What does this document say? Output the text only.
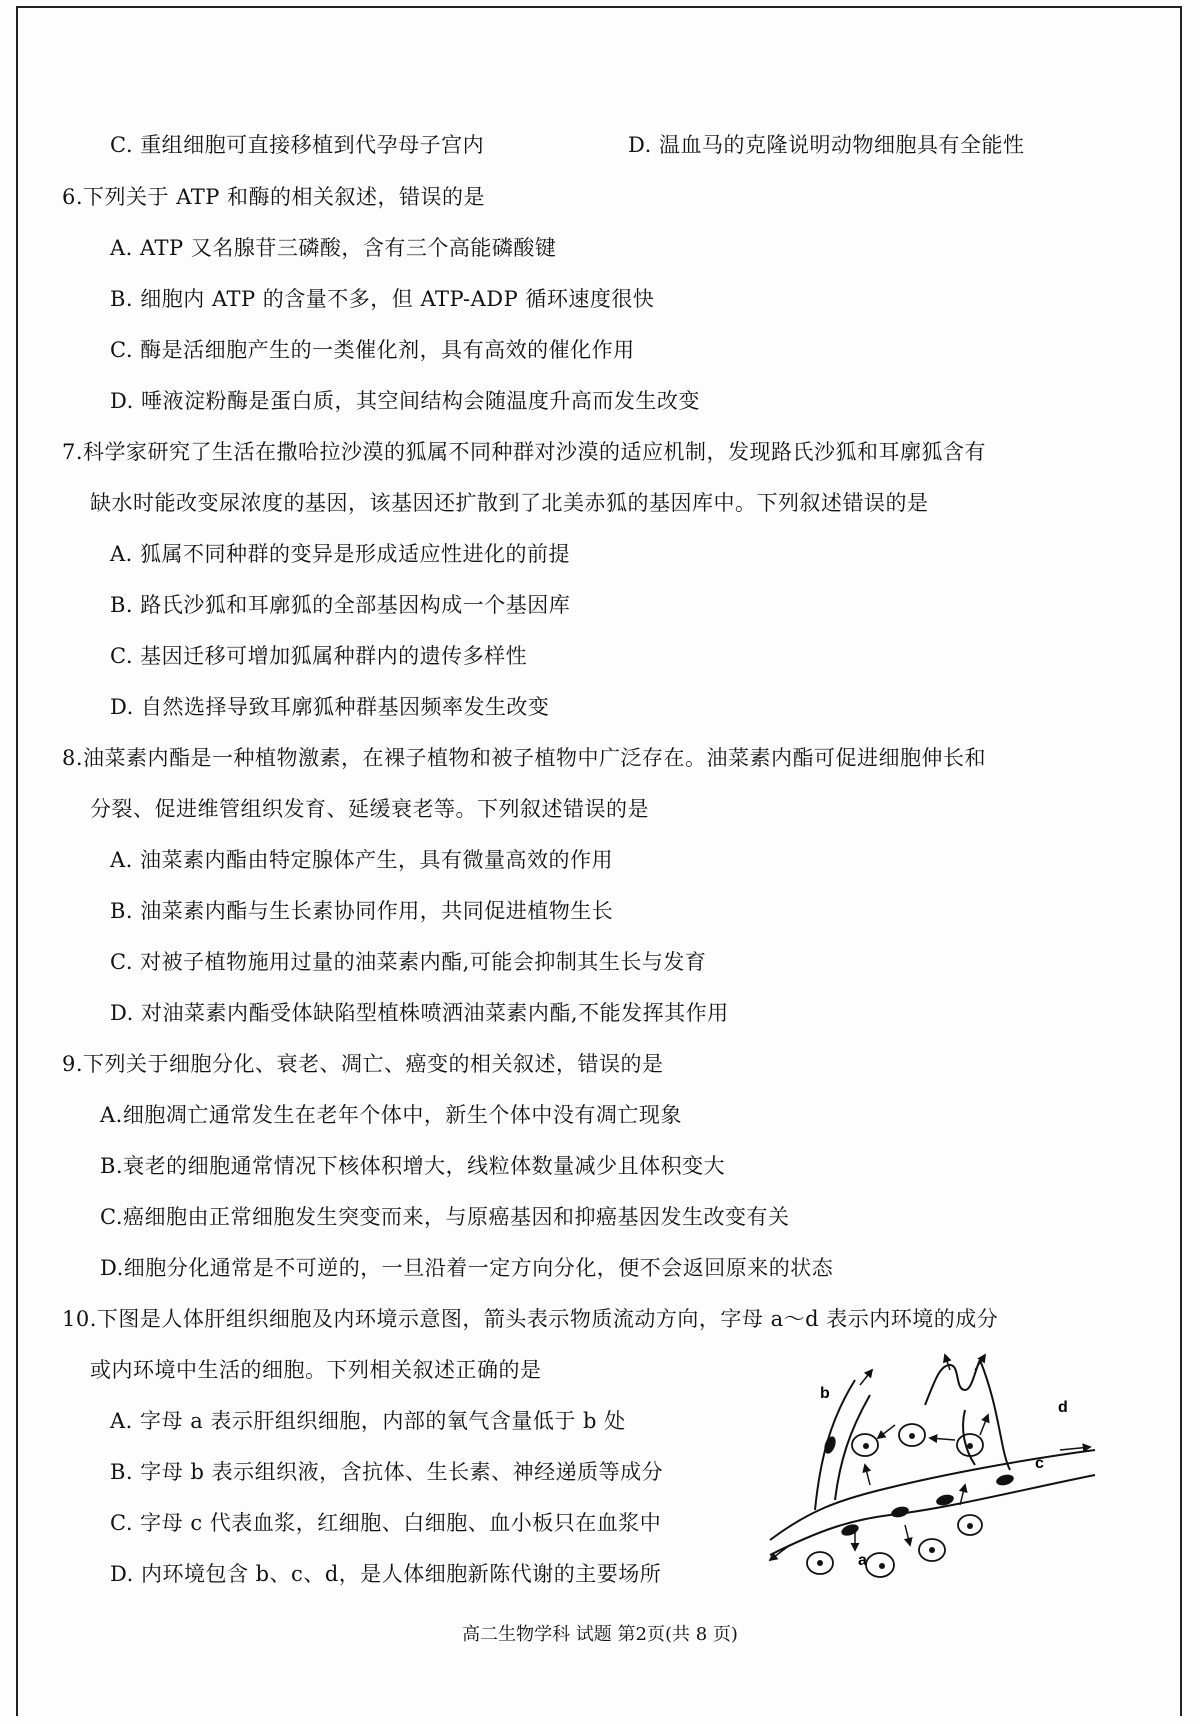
C. 重组细胞可直接移植到代孕母子宫内	D. 温血马的克隆说明动物细胞具有全能性
6.下列关于 ATP 和酶的相关叙述，错误的是
A. ATP 又名腺苷三磷酸，含有三个高能磷酸键
B. 细胞内 ATP 的含量不多，但 ATP-ADP 循环速度很快
C. 酶是活细胞产生的一类催化剂，具有高效的催化作用
D. 唾液淀粉酶是蛋白质，其空间结构会随温度升高而发生改变
7.科学家研究了生活在撒哈拉沙漠的狐属不同种群对沙漠的适应机制，发现路氏沙狐和耳廓狐含有
缺水时能改变尿浓度的基因，该基因还扩散到了北美赤狐的基因库中。下列叙述错误的是
A. 狐属不同种群的变异是形成适应性进化的前提
B. 路氏沙狐和耳廓狐的全部基因构成一个基因库
C. 基因迁移可增加狐属种群内的遗传多样性
D. 自然选择导致耳廓狐种群基因频率发生改变
8.油菜素内酯是一种植物激素，在裸子植物和被子植物中广泛存在。油菜素内酯可促进细胞伸长和
分裂、促进维管组织发育、延缓衰老等。下列叙述错误的是
A. 油菜素内酯由特定腺体产生，具有微量高效的作用
B. 油菜素内酯与生长素协同作用，共同促进植物生长
C. 对被子植物施用过量的油菜素内酯,可能会抑制其生长与发育
D. 对油菜素内酯受体缺陷型植株喷洒油菜素内酯,不能发挥其作用
9.下列关于细胞分化、衰老、凋亡、癌变的相关叙述，错误的是
A.细胞凋亡通常发生在老年个体中，新生个体中没有凋亡现象
B.衰老的细胞通常情况下核体积增大，线粒体数量减少且体积变大
C.癌细胞由正常细胞发生突变而来，与原癌基因和抑癌基因发生改变有关
D.细胞分化通常是不可逆的，一旦沿着一定方向分化，便不会返回原来的状态
10.下图是人体肝组织细胞及内环境示意图，箭头表示物质流动方向，字母 a～d 表示内环境的成分
或内环境中生活的细胞。下列相关叙述正确的是
A. 字母 a 表示肝组织细胞，内部的氧气含量低于 b 处
B. 字母 b 表示组织液，含抗体、生长素、神经递质等成分
C. 字母 c 代表血浆，红细胞、白细胞、血小板只在血浆中
D. 内环境包含 b、c、d，是人体细胞新陈代谢的主要场所
b
a
c
d
高二生物学科 试题 第2页(共 8 页)
